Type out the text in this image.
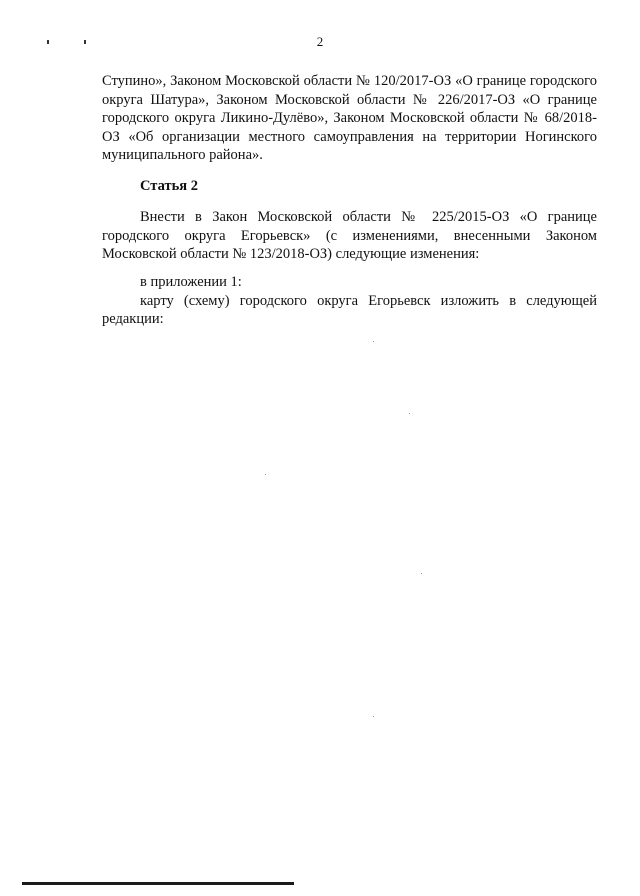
2

Ступино», Законом Московской области № 120/2017-ОЗ «О границе городского округа Шатура», Законом Московской области № 226/2017-ОЗ «О границе городского округа Ликино-Дулёво», Законом Московской области № 68/2018-ОЗ «Об организации местного самоуправления на территории Ногинского муниципального района».

Статья 2

Внести в Закон Московской области № 225/2015-ОЗ «О границе городского округа Егорьевск» (с изменениями, внесенными Законом Московской области № 123/2018-ОЗ) следующие изменения:

в приложении 1:

карту (схему) городского округа Егорьевск изложить в следующей редакции:
